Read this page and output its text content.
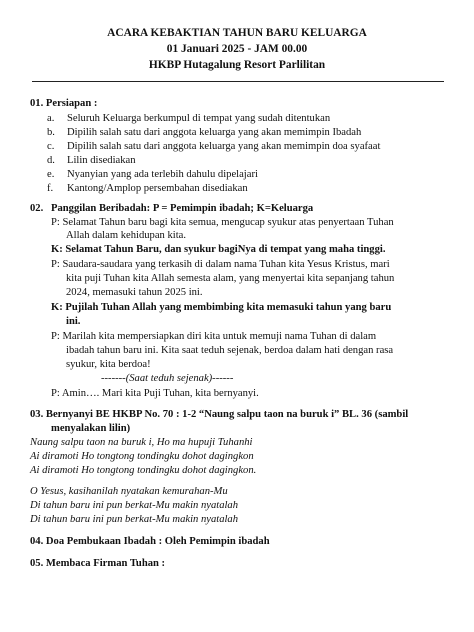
ACARA KEBAKTIAN TAHUN BARU KELUARGA
01 Januari 2025 - JAM 00.00
HKBP Hutagalung Resort Parlilitan
01. Persiapan :
a. Seluruh Keluarga berkumpul di tempat yang sudah ditentukan
b. Dipilih salah satu dari anggota keluarga yang akan memimpin Ibadah
c. Dipilih salah satu dari anggota keluarga yang akan memimpin doa syafaat
d. Lilin disediakan
e. Nyanyian yang ada terlebih dahulu dipelajari
f. Kantong/Amplop persembahan disediakan
02. Panggilan Beribadah: P = Pemimpin ibadah; K=Keluarga
P: Selamat Tahun baru bagi kita semua, mengucap syukur atas penyertaan Tuhan
Allah dalam kehidupan kita.
K: Selamat Tahun Baru, dan syukur bagiNya di tempat yang maha tinggi.
P: Saudara-saudara yang terkasih di dalam nama Tuhan kita Yesus Kristus, mari
kita puji Tuhan kita Allah semesta alam, yang menyertai kita sepanjang tahun
2024, memasuki tahun 2025 ini.
K: Pujilah Tuhan Allah yang membimbing kita memasuki tahun yang baru
ini.
P: Marilah kita mempersiapkan diri kita untuk memuji nama Tuhan di dalam
ibadah tahun baru ini. Kita saat teduh sejenak, berdoa dalam hati dengan rasa
syukur, kita berdoa!
-------(Saat teduh sejenak)------
P: Amin…. Mari kita Puji Tuhan, kita bernyanyi.
03. Bernyanyi BE HKBP No. 70 : 1-2 “Naung salpu taon na buruk i” BL. 36 (sambil
menyalakan lilin)
Naung salpu taon na buruk i, Ho ma hupuji Tuhanhi
Ai diramoti Ho tongtong tondingku dohot dagingkon
Ai diramoti Ho tongtong tondingku dohot dagingkon.
O Yesus, kasihanilah nyatakan kemurahan-Mu
Di tahun baru ini pun berkat-Mu makin nyatalah
Di tahun baru ini pun berkat-Mu makin nyatalah
04. Doa Pembukaan Ibadah : Oleh Pemimpin ibadah
05. Membaca Firman Tuhan :
